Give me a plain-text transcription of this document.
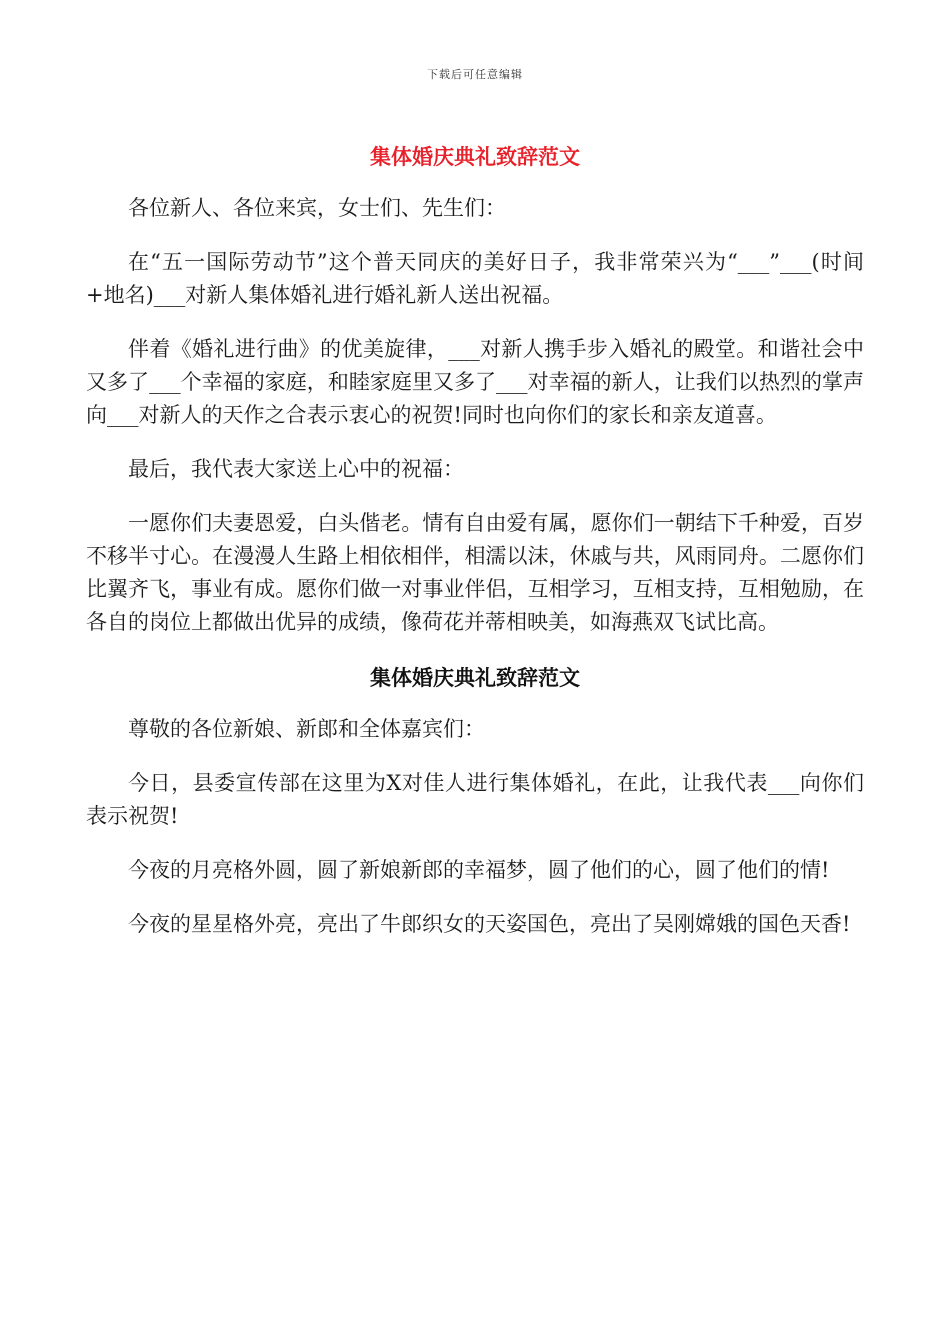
下载后可任意编辑
集体婚庆典礼致辞范文

各位新人、各位来宾，女士们、先生们：

在“五一国际劳动节”这个普天同庆的美好日子，我非常荣兴为“___”___(时间+地名)___对新人集体婚礼进行婚礼新人送出祝福。

伴着《婚礼进行曲》的优美旋律，___对新人携手步入婚礼的殿堂。和谐社会中又多了___个幸福的家庭，和睦家庭里又多了___对幸福的新人，让我们以热烈的掌声向___对新人的天作之合表示衷心的祝贺!同时也向你们的家长和亲友道喜。

最后，我代表大家送上心中的祝福：

一愿你们夫妻恩爱，白头偕老。情有自由爱有属，愿你们一朝结下千种爱，百岁不移半寸心。在漫漫人生路上相依相伴，相濡以沫，休戚与共，风雨同舟。二愿你们比翼齐飞，事业有成。愿你们做一对事业伴侣，互相学习，互相支持，互相勉励，在各自的岗位上都做出优异的成绩，像荷花并蒂相映美，如海燕双飞试比高。

集体婚庆典礼致辞范文

尊敬的各位新娘、新郎和全体嘉宾们：

今日，县委宣传部在这里为X对佳人进行集体婚礼，在此，让我代表___向你们表示祝贺!

今夜的月亮格外圆，圆了新娘新郎的幸福梦，圆了他们的心，圆了他们的情!

今夜的星星格外亮，亮出了牛郎织女的天姿国色，亮出了吴刚嫦娥的国色天香!
